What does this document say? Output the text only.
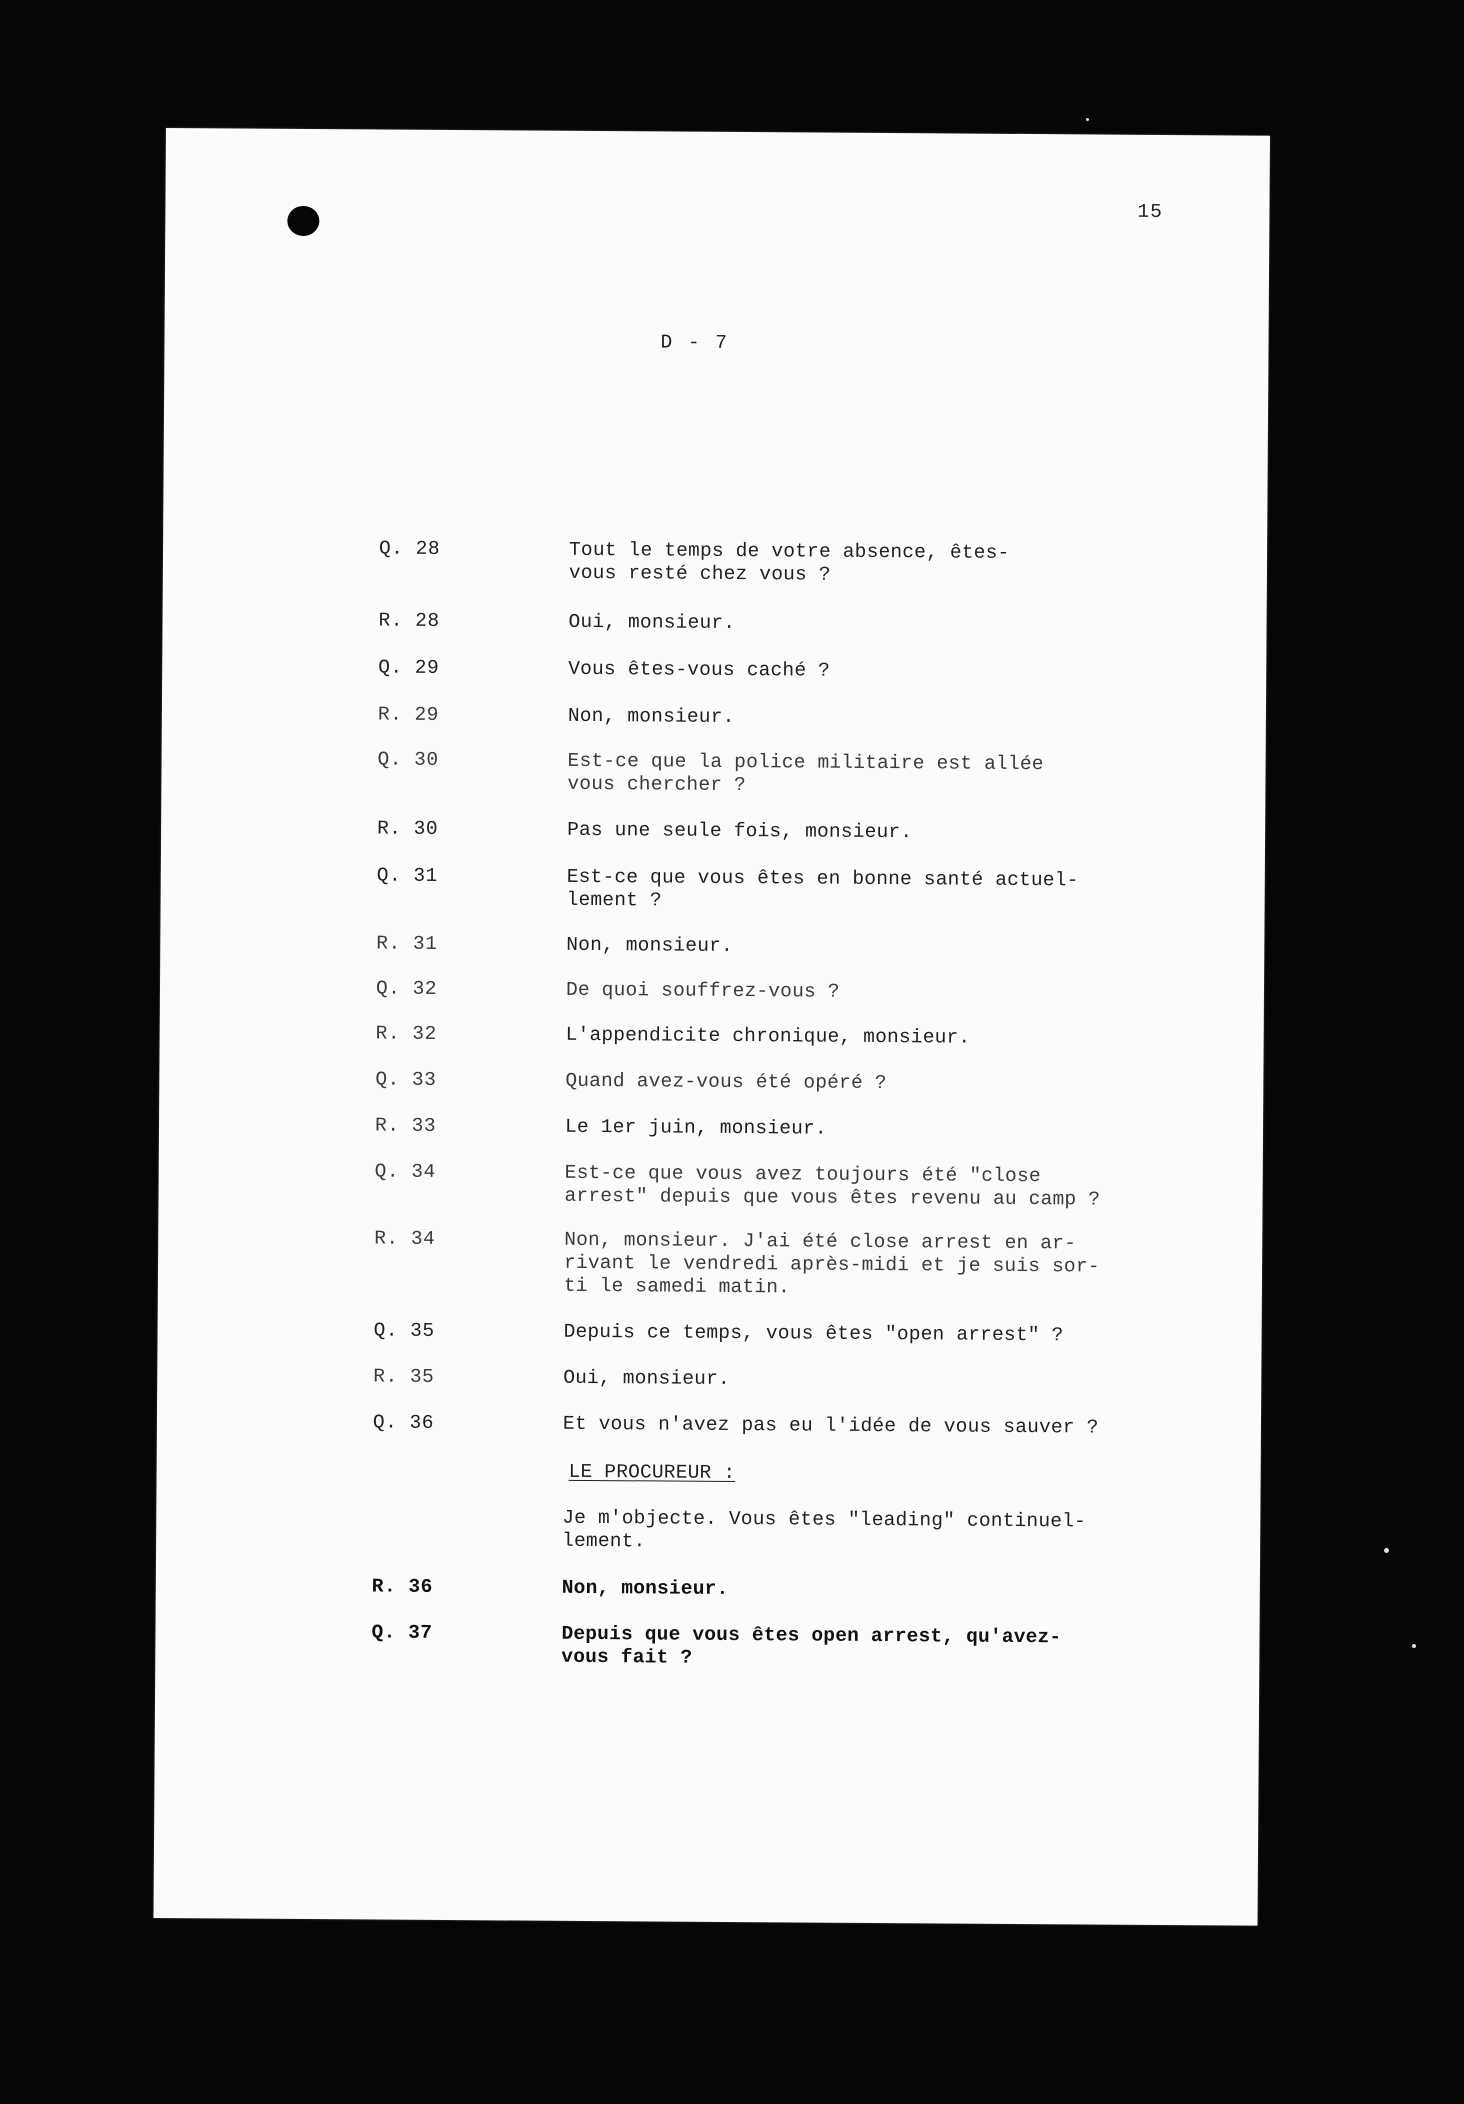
15
D - 7
Q. 28	Tout le temps de votre absence, êtes-
vous resté chez vous ?
R. 28	Oui, monsieur.
Q. 29	Vous êtes-vous caché ?
R. 29	Non, monsieur.
Q. 30	Est-ce que la police militaire est allée
vous chercher ?
R. 30	Pas une seule fois, monsieur.
Q. 31	Est-ce que vous êtes en bonne santé actuel-
lement ?
R. 31	Non, monsieur.
Q. 32	De quoi souffrez-vous ?
R. 32	L'appendicite chronique, monsieur.
Q. 33	Quand avez-vous été opéré ?
R. 33	Le 1er juin, monsieur.
Q. 34	Est-ce que vous avez toujours été "close
arrest" depuis que vous êtes revenu au camp ?
R. 34	Non, monsieur. J'ai été close arrest en ar-
rivant le vendredi après-midi et je suis sor-
ti le samedi matin.
Q. 35	Depuis ce temps, vous êtes "open arrest" ?
R. 35	Oui, monsieur.
Q. 36	Et vous n'avez pas eu l'idée de vous sauver ?
LE PROCUREUR :
Je m'objecte. Vous êtes "leading" continuel-
lement.
R. 36	Non, monsieur.
Q. 37	Depuis que vous êtes open arrest, qu'avez-
vous fait ?
